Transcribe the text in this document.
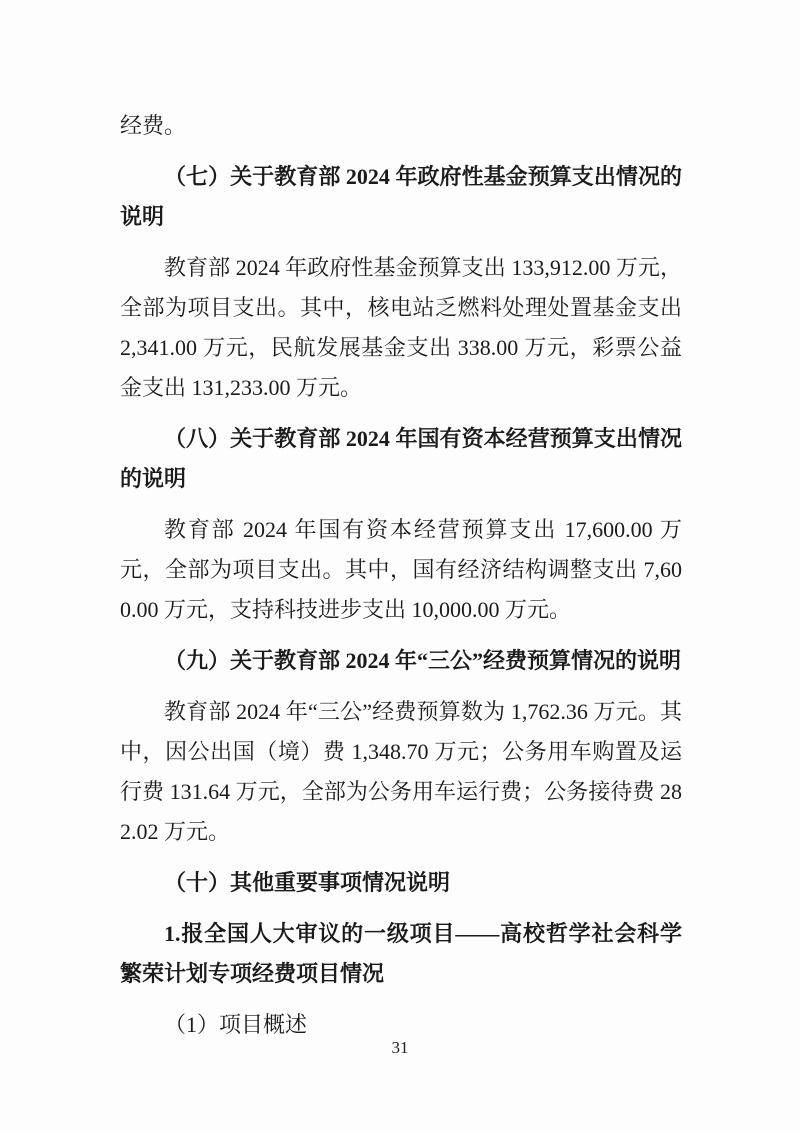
经费。

（七）关于教育部 2024 年政府性基金预算支出情况的说明

教育部 2024 年政府性基金预算支出 133,912.00 万元，全部为项目支出。其中，核电站乏燃料处理处置基金支出 2,341.00 万元，民航发展基金支出 338.00 万元，彩票公益金支出 131,233.00 万元。

（八）关于教育部 2024 年国有资本经营预算支出情况的说明

教育部 2024 年国有资本经营预算支出 17,600.00 万元，全部为项目支出。其中，国有经济结构调整支出 7,600.00 万元，支持科技进步支出 10,000.00 万元。

（九）关于教育部 2024 年“三公”经费预算情况的说明

教育部 2024 年“三公”经费预算数为 1,762.36 万元。其中，因公出国（境）费 1,348.70 万元；公务用车购置及运行费 131.64 万元，全部为公务用车运行费；公务接待费 282.02 万元。

（十）其他重要事项情况说明

1.报全国人大审议的一级项目——高校哲学社会科学繁荣计划专项经费项目情况

（1）项目概述

31
